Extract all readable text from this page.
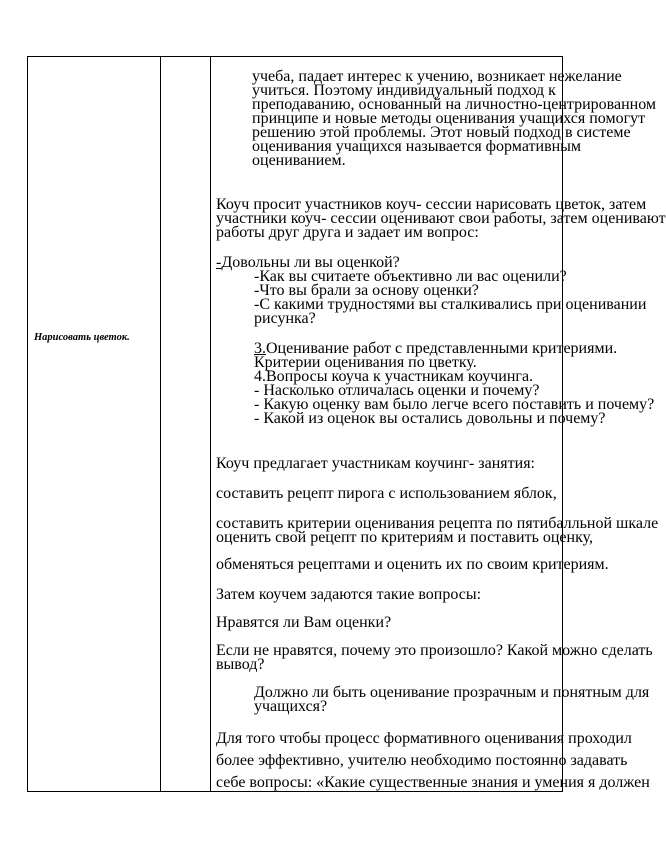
Нарисовать цветок.
учеба, падает интерес к учению, возникает нежелание
учиться. Поэтому индивидуальный подход к
преподаванию, основанный на личностно-центрированном
принципе и новые методы оценивания учащихся помогут
решению этой проблемы. Этот новый подход в системе
оценивания учащихся называется формативным
оцениванием.
Коуч просит участников коуч- сессии нарисовать цветок, затем
участники коуч- сессии оценивают свои работы, затем оценивают
работы друг друга и задает им вопрос:
-Довольны ли вы оценкой?
-Как вы считаете объективно ли вас оценили?
-Что вы брали за основу оценки?
-С какими трудностями вы сталкивались при оценивании
рисунка?
3.Оценивание работ с представленными критериями.
Критерии оценивания по цветку.
4.Вопросы коуча к участникам коучинга.
- Насколько отличалась оценки и почему?
- Какую оценку вам было легче всего поставить и почему?
- Какой из оценок вы остались довольны и почему?
Коуч предлагает участникам коучинг- занятия:
составить рецепт пирога с использованием яблок,
составить критерии оценивания рецепта по пятибалльной шкале
оценить свой рецепт по критериям и поставить оценку,
обменяться рецептами и оценить их по своим критериям.
Затем коучем задаются такие вопросы:
Нравятся ли Вам оценки?
Если не нравятся, почему это произошло? Какой можно сделать
вывод?
Должно ли быть оценивание прозрачным и понятным для
учащихся?
Для того чтобы процесс формативного оценивания проходил
более эффективно, учителю необходимо постоянно задавать
себе вопросы: «Какие существенные знания и умения я должен
